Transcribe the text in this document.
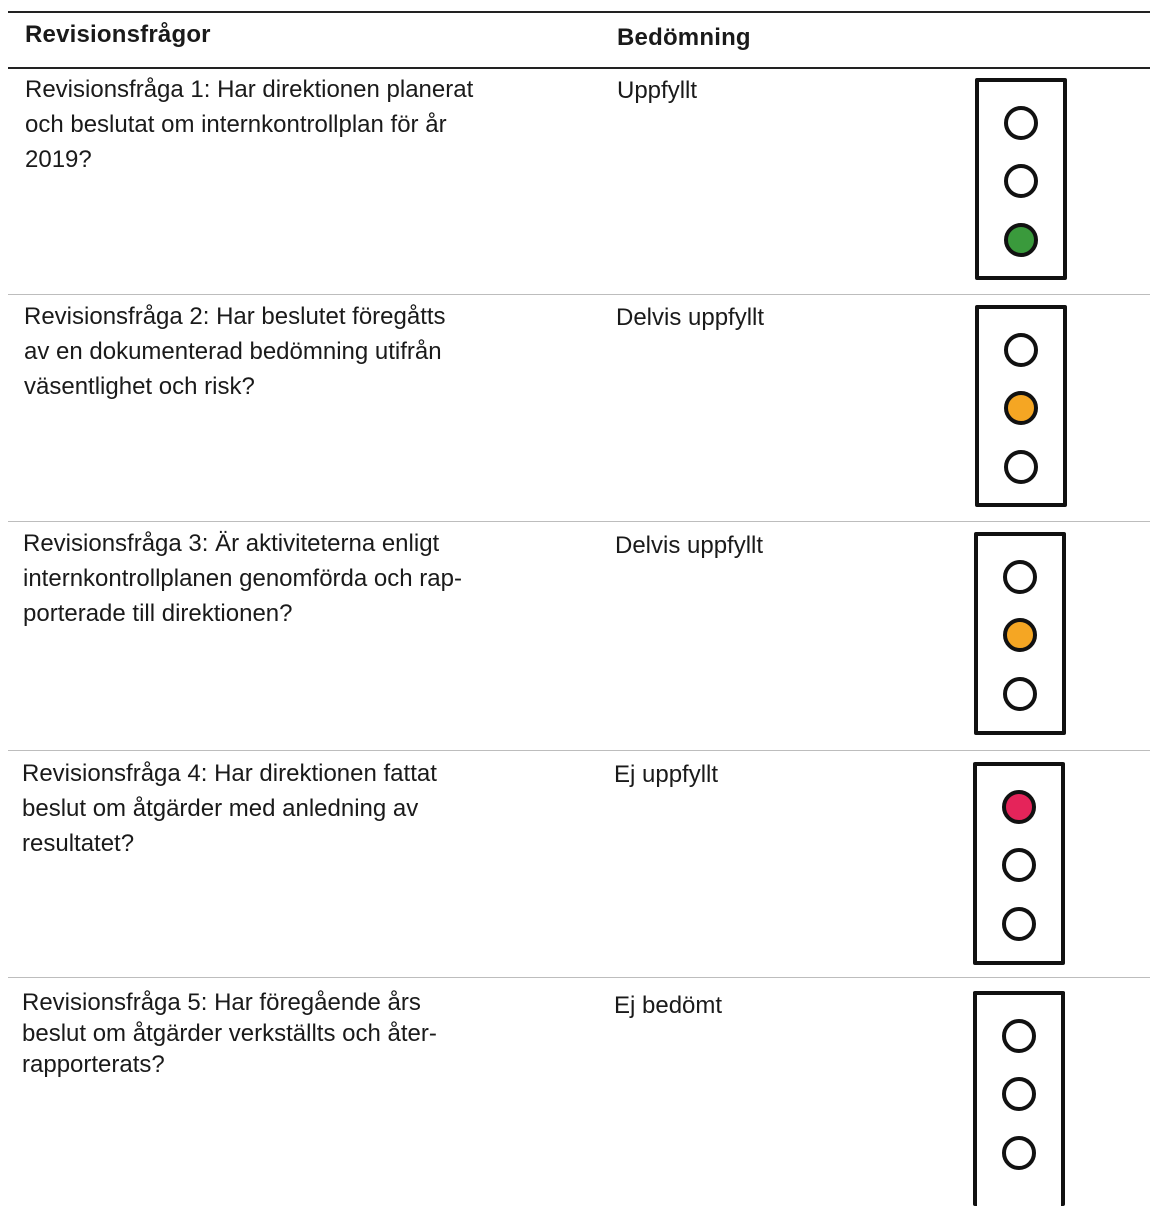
Revisionsfrågor	Bedömning
Revisionsfråga 1: Har direktionen planerat
och beslutat om internkontrollplan för år
2019?
Uppfyllt
Revisionsfråga 2: Har beslutet föregåtts
av en dokumenterad bedömning utifrån
väsentlighet och risk?
Delvis uppfyllt
Revisionsfråga 3: Är aktiviteterna enligt
internkontrollplanen genomförda och rap-
porterade till direktionen?
Delvis uppfyllt
Revisionsfråga 4: Har direktionen fattat
beslut om åtgärder med anledning av
resultatet?
Ej uppfyllt
Revisionsfråga 5: Har föregående års
beslut om åtgärder verkställts och åter-
rapporterats?
Ej bedömt
